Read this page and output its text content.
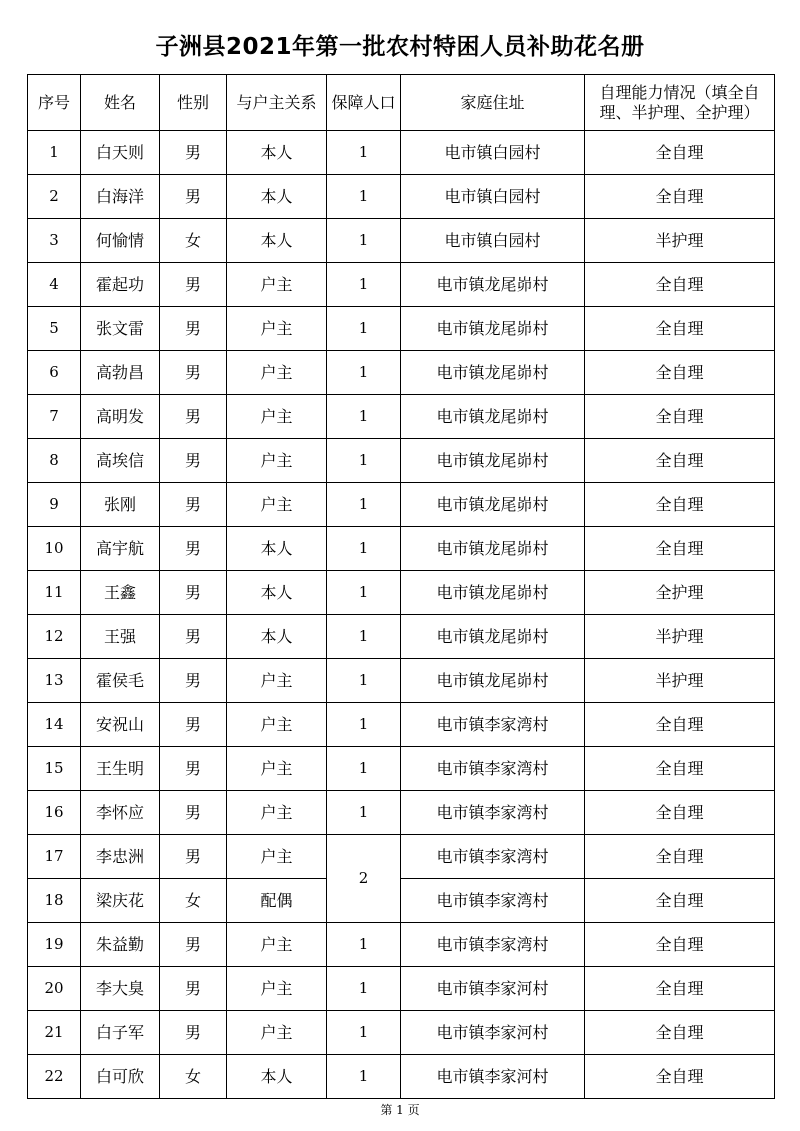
子洲县2021年第一批农村特困人员补助花名册
序号	姓名	性别	与户主关系	保障人口	家庭住址	自理能力情况（填全自理、半护理、全护理）
1	白天则	男	本人	1	电市镇白园村	全自理
2	白海洋	男	本人	1	电市镇白园村	全自理
3	何愉情	女	本人	1	电市镇白园村	半护理
4	霍起功	男	户主	1	电市镇龙尾峁村	全自理
5	张文雷	男	户主	1	电市镇龙尾峁村	全自理
6	高勃昌	男	户主	1	电市镇龙尾峁村	全自理
7	高明发	男	户主	1	电市镇龙尾峁村	全自理
8	高埃信	男	户主	1	电市镇龙尾峁村	全自理
9	张刚	男	户主	1	电市镇龙尾峁村	全自理
10	高宇航	男	本人	1	电市镇龙尾峁村	全自理
11	王鑫	男	本人	1	电市镇龙尾峁村	全护理
12	王强	男	本人	1	电市镇龙尾峁村	半护理
13	霍侯毛	男	户主	1	电市镇龙尾峁村	半护理
14	安祝山	男	户主	1	电市镇李家湾村	全自理
15	王生明	男	户主	1	电市镇李家湾村	全自理
16	李怀应	男	户主	1	电市镇李家湾村	全自理
17	李忠洲	男	户主	2	电市镇李家湾村	全自理
18	梁庆花	女	配偶		电市镇李家湾村	全自理
19	朱益勤	男	户主	1	电市镇李家湾村	全自理
20	李大臭	男	户主	1	电市镇李家河村	全自理
21	白子军	男	户主	1	电市镇李家河村	全自理
22	白可欣	女	本人	1	电市镇李家河村	全自理
第 1 页
